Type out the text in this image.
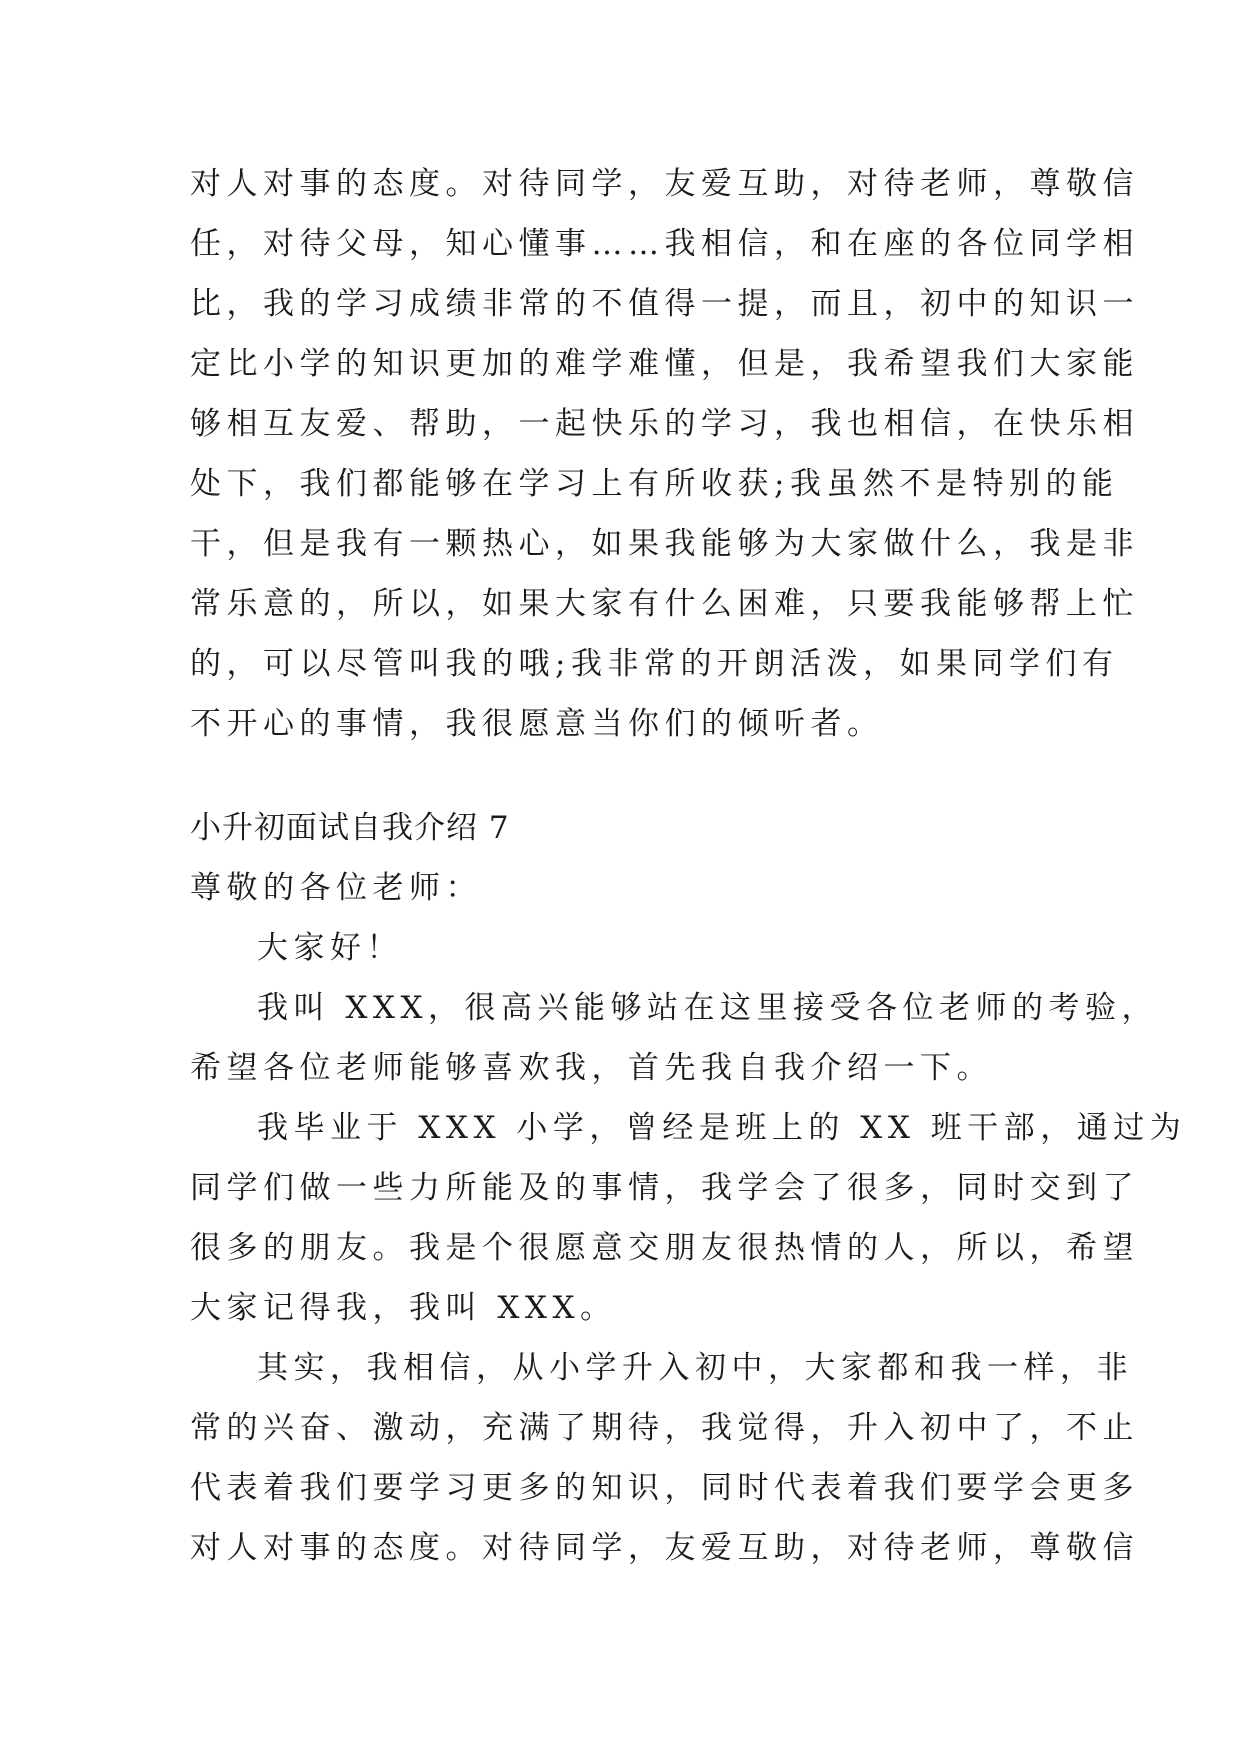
对人对事的态度。对待同学，友爱互助，对待老师，尊敬信
任，对待父母，知心懂事……我相信，和在座的各位同学相
比，我的学习成绩非常的不值得一提，而且，初中的知识一
定比小学的知识更加的难学难懂，但是，我希望我们大家能
够相互友爱、帮助，一起快乐的学习，我也相信，在快乐相
处下，我们都能够在学习上有所收获;我虽然不是特别的能
干，但是我有一颗热心，如果我能够为大家做什么，我是非
常乐意的，所以，如果大家有什么困难，只要我能够帮上忙
的，可以尽管叫我的哦;我非常的开朗活泼，如果同学们有
不开心的事情，我很愿意当你们的倾听者。
小升初面试自我介绍 7
尊敬的各位老师：
大家好！
我叫 XXX，很高兴能够站在这里接受各位老师的考验，
希望各位老师能够喜欢我，首先我自我介绍一下。
我毕业于 XXX 小学，曾经是班上的 XX 班干部，通过为
同学们做一些力所能及的事情，我学会了很多，同时交到了
很多的朋友。我是个很愿意交朋友很热情的人，所以，希望
大家记得我，我叫 XXX。
其实，我相信，从小学升入初中，大家都和我一样，非
常的兴奋、激动，充满了期待，我觉得，升入初中了，不止
代表着我们要学习更多的知识，同时代表着我们要学会更多
对人对事的态度。对待同学，友爱互助，对待老师，尊敬信
